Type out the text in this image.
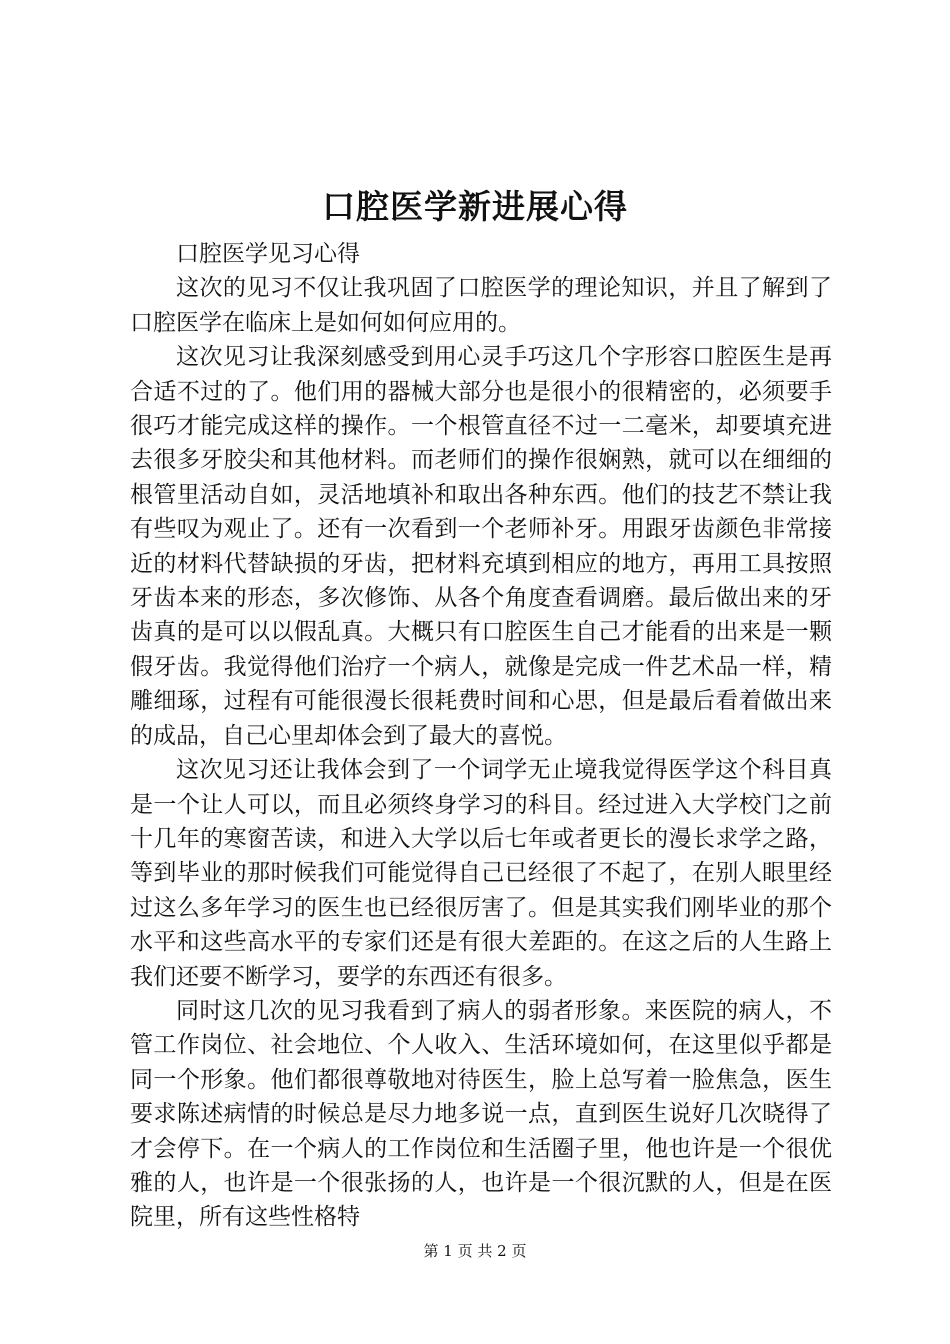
口腔医学新进展心得

口腔医学见习心得

这次的见习不仅让我巩固了口腔医学的理论知识，并且了解到了口腔医学在临床上是如何如何应用的。

这次见习让我深刻感受到用心灵手巧这几个字形容口腔医生是再合适不过的了。他们用的器械大部分也是很小的很精密的，必须要手很巧才能完成这样的操作。一个根管直径不过一二毫米，却要填充进去很多牙胶尖和其他材料。而老师们的操作很娴熟，就可以在细细的根管里活动自如，灵活地填补和取出各种东西。他们的技艺不禁让我有些叹为观止了。还有一次看到一个老师补牙。用跟牙齿颜色非常接近的材料代替缺损的牙齿，把材料充填到相应的地方，再用工具按照牙齿本来的形态，多次修饰、从各个角度查看调磨。最后做出来的牙齿真的是可以以假乱真。大概只有口腔医生自己才能看的出来是一颗假牙齿。我觉得他们治疗一个病人，就像是完成一件艺术品一样，精雕细琢，过程有可能很漫长很耗费时间和心思，但是最后看着做出来的成品，自己心里却体会到了最大的喜悦。

这次见习还让我体会到了一个词学无止境我觉得医学这个科目真是一个让人可以，而且必须终身学习的科目。经过进入大学校门之前十几年的寒窗苦读，和进入大学以后七年或者更长的漫长求学之路，等到毕业的那时候我们可能觉得自己已经很了不起了，在别人眼里经过这么多年学习的医生也已经很厉害了。但是其实我们刚毕业的那个水平和这些高水平的专家们还是有很大差距的。在这之后的人生路上我们还要不断学习，要学的东西还有很多。

同时这几次的见习我看到了病人的弱者形象。来医院的病人，不管工作岗位、社会地位、个人收入、生活环境如何，在这里似乎都是同一个形象。他们都很尊敬地对待医生，脸上总写着一脸焦急，医生要求陈述病情的时候总是尽力地多说一点，直到医生说好几次晓得了才会停下。在一个病人的工作岗位和生活圈子里，他也许是一个很优雅的人，也许是一个很张扬的人，也许是一个很沉默的人，但是在医院里，所有这些性格特

第 1 页 共 2 页
